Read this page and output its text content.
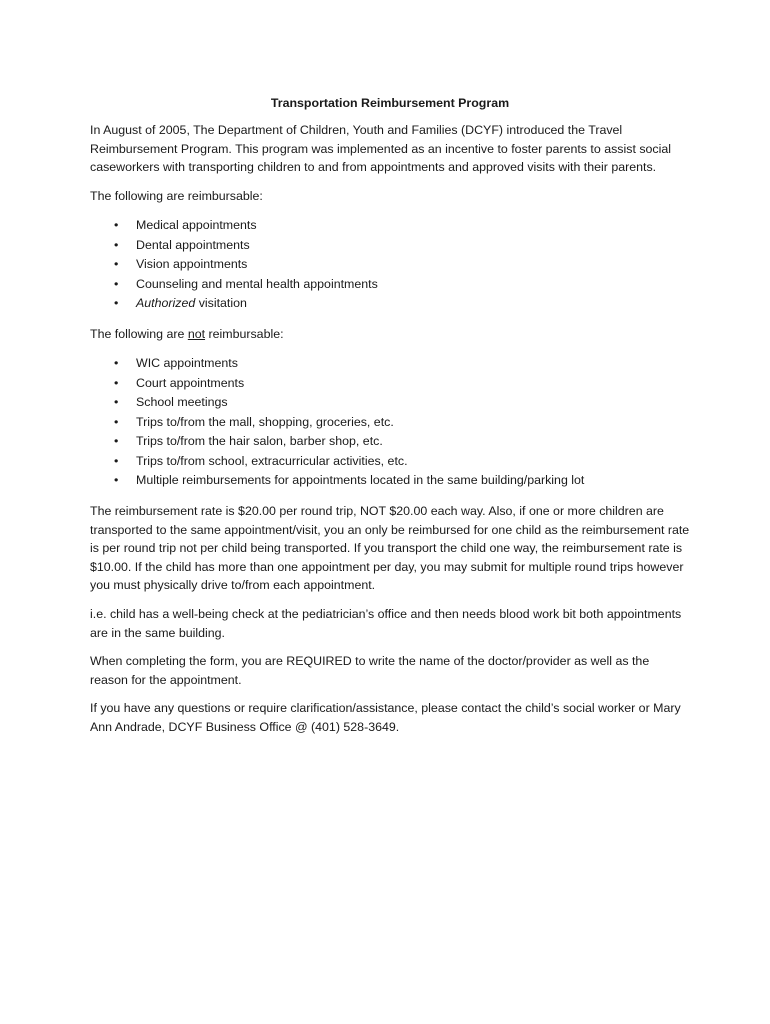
Transportation Reimbursement Program

In August of 2005, The Department of Children, Youth and Families (DCYF) introduced the Travel Reimbursement Program. This program was implemented as an incentive to foster parents to assist social caseworkers with transporting children to and from appointments and approved visits with their parents.

The following are reimbursable:

• Medical appointments
• Dental appointments
• Vision appointments
• Counseling and mental health appointments
• Authorized visitation

The following are not reimbursable:

• WIC appointments
• Court appointments
• School meetings
• Trips to/from the mall, shopping, groceries, etc.
• Trips to/from the hair salon, barber shop, etc.
• Trips to/from school, extracurricular activities, etc.
• Multiple reimbursements for appointments located in the same building/parking lot

The reimbursement rate is $20.00 per round trip, NOT $20.00 each way. Also, if one or more children are transported to the same appointment/visit, you an only be reimbursed for one child as the reimbursement rate is per round trip not per child being transported. If you transport the child one way, the reimbursement rate is $10.00. If the child has more than one appointment per day, you may submit for multiple round trips however you must physically drive to/from each appointment.

i.e. child has a well-being check at the pediatrician’s office and then needs blood work bit both appointments are in the same building.

When completing the form, you are REQUIRED to write the name of the doctor/provider as well as the reason for the appointment.

If you have any questions or require clarification/assistance, please contact the child’s social worker or Mary Ann Andrade, DCYF Business Office @ (401) 528-3649.
